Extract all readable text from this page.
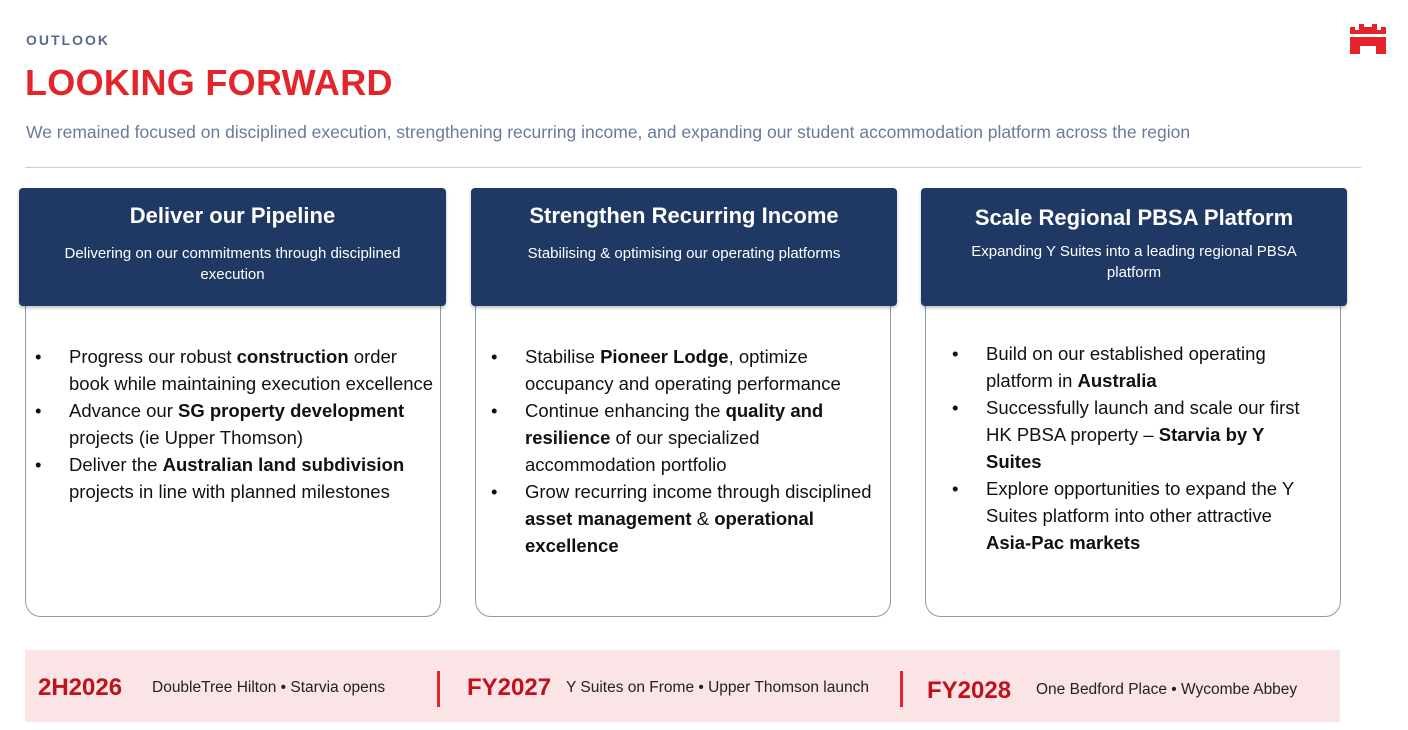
OUTLOOK
LOOKING FORWARD
We remained focused on disciplined execution, strengthening recurring income, and expanding our student accommodation platform across the region
Deliver our Pipeline
Delivering on our commitments through disciplined execution
• Progress our robust construction order book while maintaining execution excellence
• Advance our SG property development projects (ie Upper Thomson)
• Deliver the Australian land subdivision projects in line with planned milestones
Strengthen Recurring Income
Stabilising & optimising our operating platforms
• Stabilise Pioneer Lodge, optimize occupancy and operating performance
• Continue enhancing the quality and resilience of our specialized accommodation portfolio
• Grow recurring income through disciplined asset management & operational excellence
Scale Regional PBSA Platform
Expanding Y Suites into a leading regional PBSA platform
• Build on our established operating platform in Australia
• Successfully launch and scale our first HK PBSA property – Starvia by Y Suites
• Explore opportunities to expand the Y Suites platform into other attractive Asia-Pac markets
2H2026 DoubleTree Hilton • Starvia opens	FY2027 Y Suites on Frome • Upper Thomson launch FY2028 One Bedford Place • Wycombe Abbey
